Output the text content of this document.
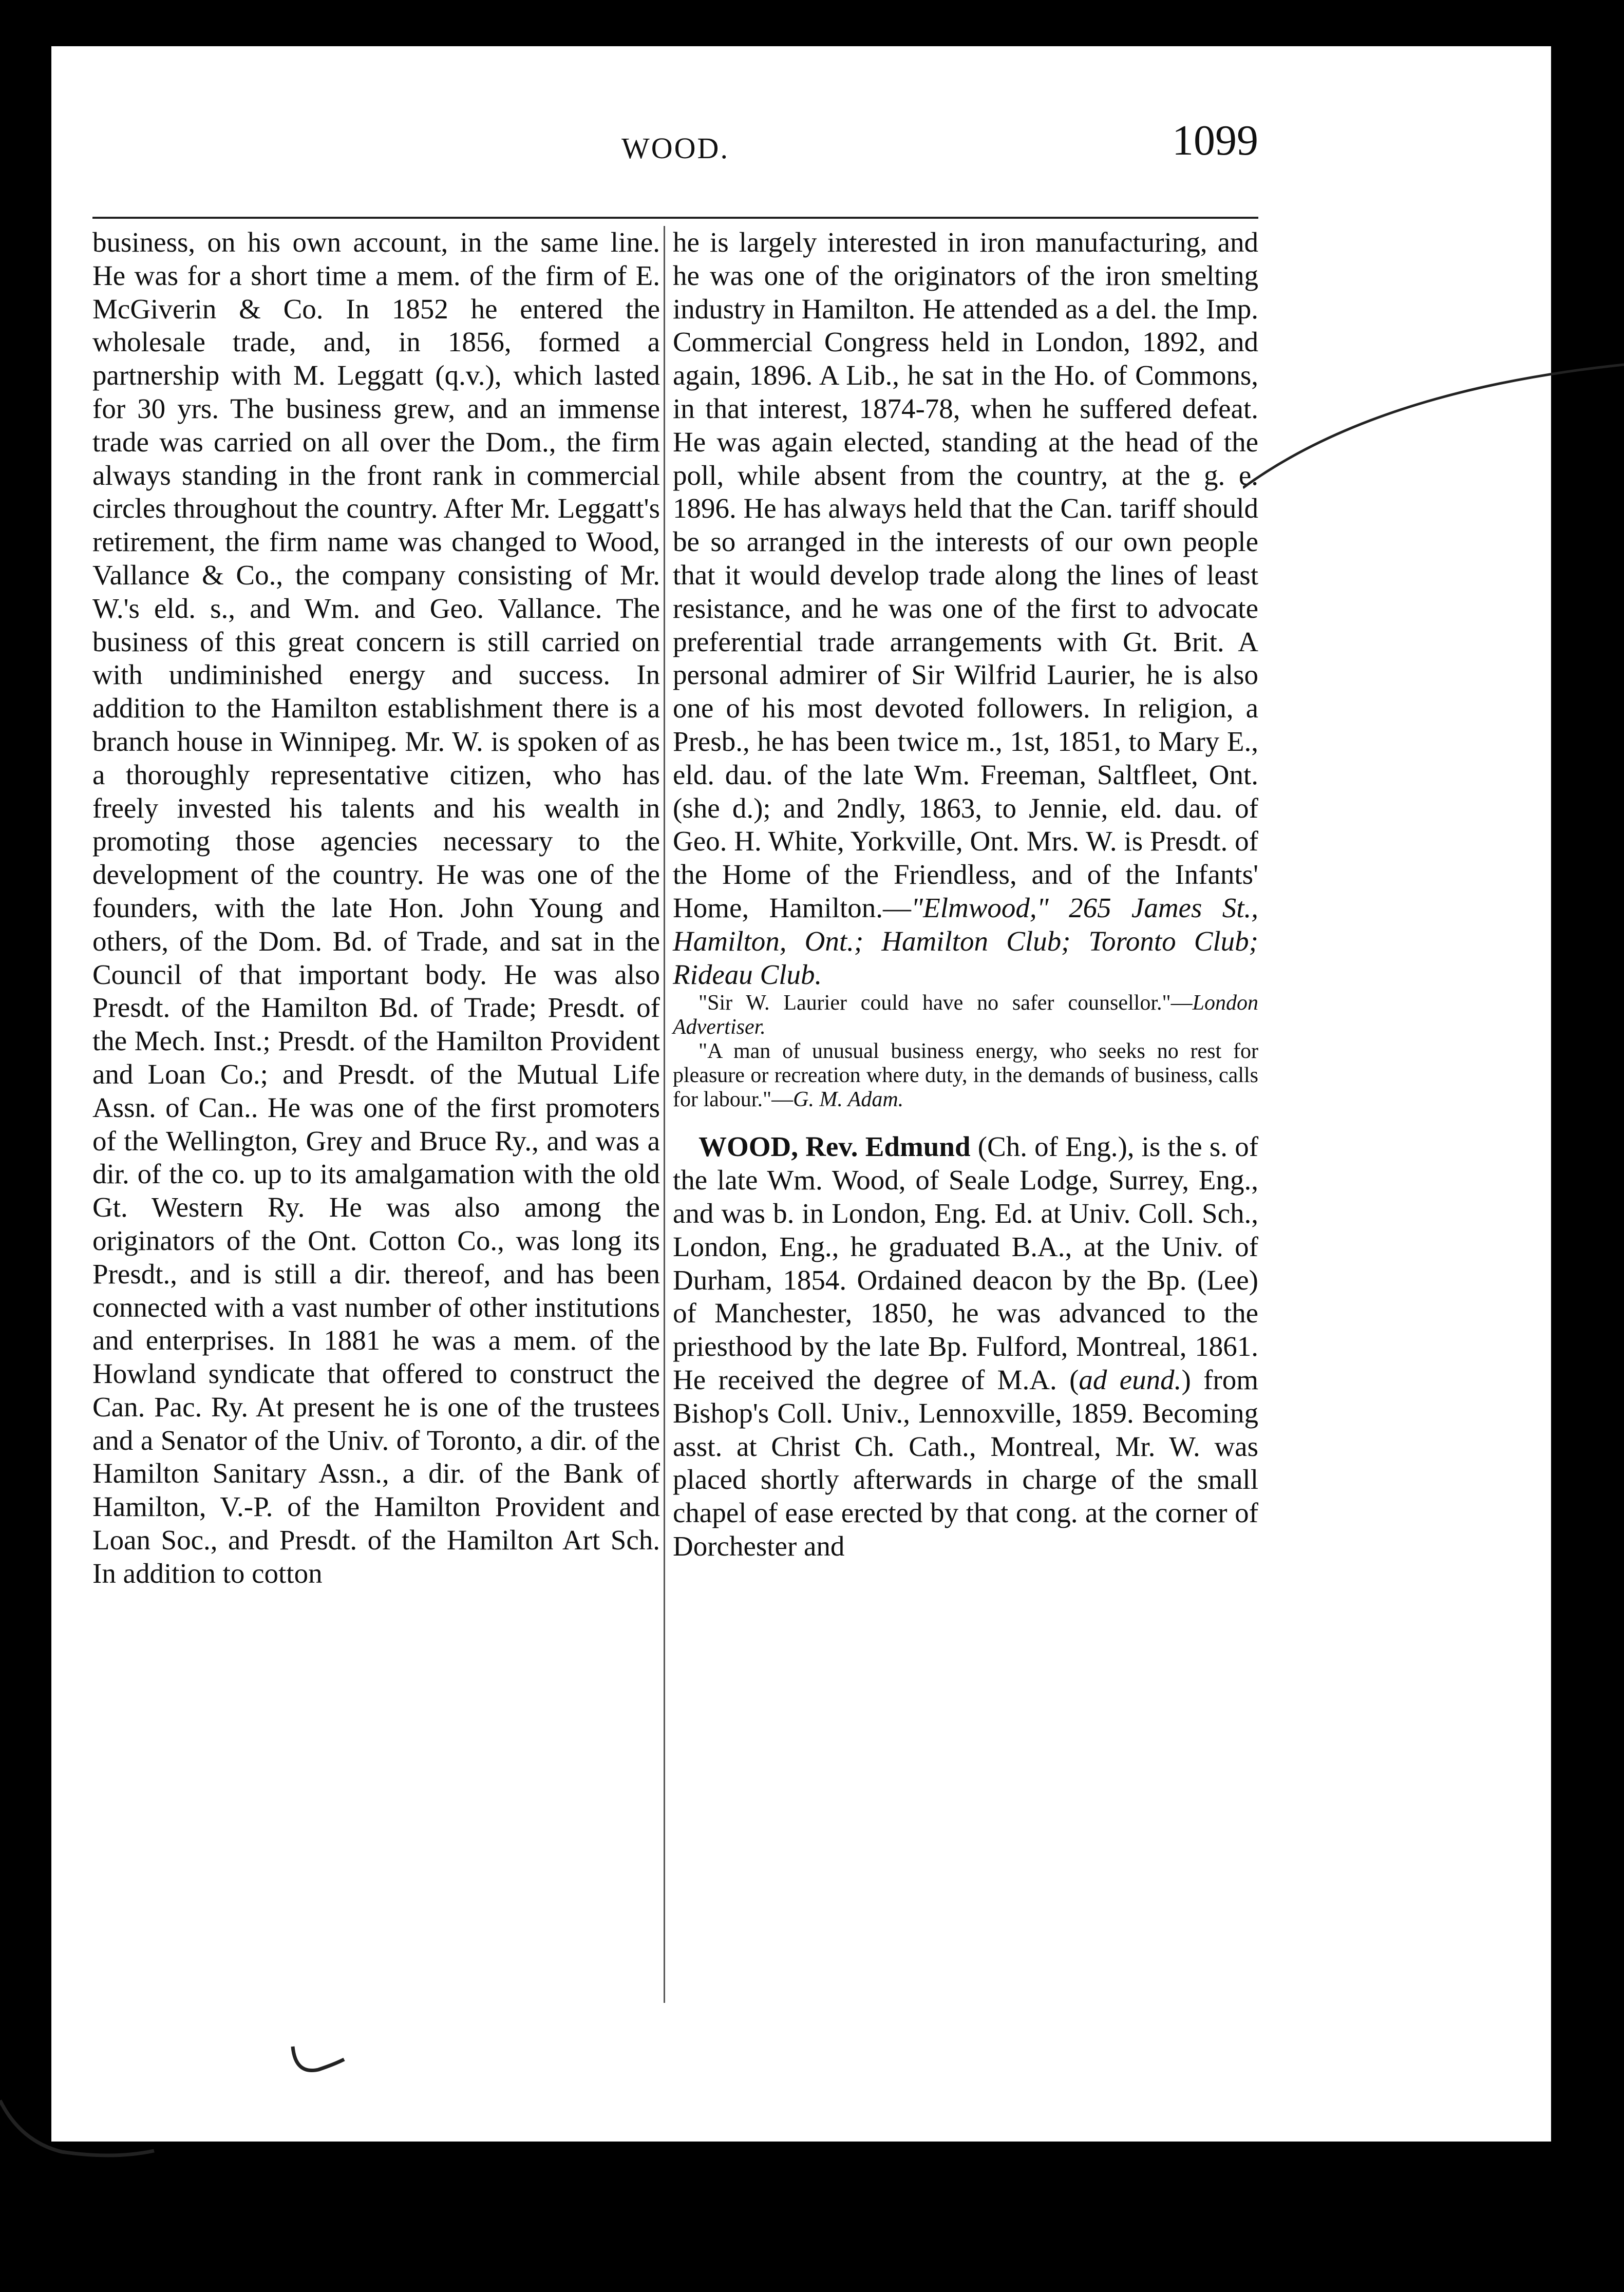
WOOD.	1099

business, on his own account, in the same line. He was for a short time a mem. of the firm of E. McGiverin & Co. In 1852 he entered the wholesale trade, and, in 1856, formed a partnership with M. Leggatt (q.v.), which lasted for 30 yrs. The business grew, and an immense trade was carried on all over the Dom., the firm always standing in the front rank in commercial circles throughout the country. After Mr. Leggatt's retirement, the firm name was changed to Wood, Vallance & Co., the company consisting of Mr. W.'s eld. s., and Wm. and Geo. Vallance. The business of this great concern is still carried on with undiminished energy and success. In addition to the Hamilton establishment there is a branch house in Winnipeg. Mr. W. is spoken of as a thoroughly representative citizen, who has freely invested his talents and his wealth in promoting those agencies necessary to the development of the country. He was one of the founders, with the late Hon. John Young and others, of the Dom. Bd. of Trade, and sat in the Council of that important body. He was also Presdt. of the Hamilton Bd. of Trade; Presdt. of the Mech. Inst.; Presdt. of the Hamilton Provident and Loan Co.; and Presdt. of the Mutual Life Assn. of Can.. He was one of the first promoters of the Wellington, Grey and Bruce Ry., and was a dir. of the co. up to its amalgamation with the old Gt. Western Ry. He was also among the originators of the Ont. Cotton Co., was long its Presdt., and is still a dir. thereof, and has been connected with a vast number of other institutions and enterprises. In 1881 he was a mem. of the Howland syndicate that offered to construct the Can. Pac. Ry. At present he is one of the trustees and a Senator of the Univ. of Toronto, a dir. of the Hamilton Sanitary Assn., a dir. of the Bank of Hamilton, V.-P. of the Hamilton Provident and Loan Soc., and Presdt. of the Hamilton Art Sch. In addition to cotton

he is largely interested in iron manufacturing, and he was one of the originators of the iron smelting industry in Hamilton. He attended as a del. the Imp. Commercial Congress held in London, 1892, and again, 1896. A Lib., he sat in the Ho. of Commons, in that interest, 1874-78, when he suffered defeat. He was again elected, standing at the head of the poll, while absent from the country, at the g. e. 1896. He has always held that the Can. tariff should be so arranged in the interests of our own people that it would develop trade along the lines of least resistance, and he was one of the first to advocate preferential trade arrangements with Gt. Brit. A personal admirer of Sir Wilfrid Laurier, he is also one of his most devoted followers. In religion, a Presb., he has been twice m., 1st, 1851, to Mary E., eld. dau. of the late Wm. Freeman, Saltfleet, Ont. (she d.); and 2ndly, 1863, to Jennie, eld. dau. of Geo. H. White, Yorkville, Ont. Mrs. W. is Presdt. of the Home of the Friendless, and of the Infants' Home, Hamilton.—"Elmwood," 265 James St., Hamilton, Ont.; Hamilton Club; Toronto Club; Rideau Club.

"Sir W. Laurier could have no safer counsellor."—London Advertiser.

"A man of unusual business energy, who seeks no rest for pleasure or recreation where duty, in the demands of business, calls for labour."—G. M. Adam.

WOOD, Rev. Edmund (Ch. of Eng.), is the s. of the late Wm. Wood, of Seale Lodge, Surrey, Eng., and was b. in London, Eng. Ed. at Univ. Coll. Sch., London, Eng., he graduated B.A., at the Univ. of Durham, 1854. Ordained deacon by the Bp. (Lee) of Manchester, 1850, he was advanced to the priesthood by the late Bp. Fulford, Montreal, 1861. He received the degree of M.A. (ad eund.) from Bishop's Coll. Univ., Lennoxville, 1859. Becoming asst. at Christ Ch. Cath., Montreal, Mr. W. was placed shortly afterwards in charge of the small chapel of ease erected by that cong. at the corner of Dorchester and
